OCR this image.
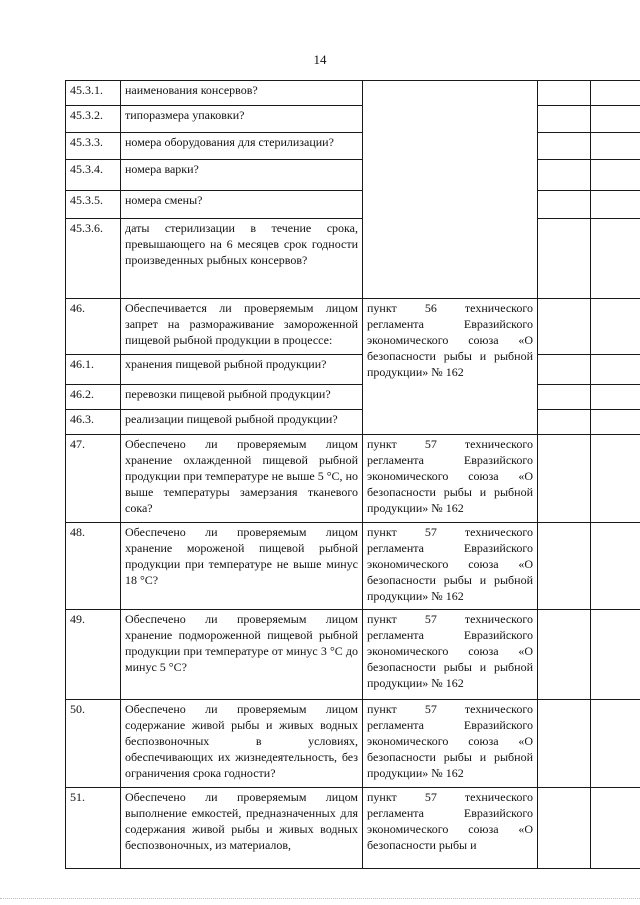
14
45.3.1.	наименования консервов?			
45.3.2.	типоразмера упаковки?			
45.3.3.	номера оборудования для стерилизации?			
45.3.4.	номера варки?			
45.3.5.	номера смены?			
45.3.6.	даты стерилизации в течение срока, превышающего на 6 месяцев срок годности произведенных рыбных консервов?			
46.	Обеспечивается ли проверяемым лицом запрет на размораживание замороженной пищевой рыбной продукции в процессе:	пункт 56 технического регламента Евразийского экономического союза «О безопасности рыбы и рыбной продукции» № 162		
46.1.	хранения пищевой рыбной продукции?			
46.2.	перевозки пищевой рыбной продукции?			
46.3.	реализации пищевой рыбной продукции?			
47.	Обеспечено ли проверяемым лицом хранение охлажденной пищевой рыбной продукции при температуре не выше 5 °C, но выше температуры замерзания тканевого сока?	пункт 57 технического регламента Евразийского экономического союза «О безопасности рыбы и рыбной продукции» № 162		
48.	Обеспечено ли проверяемым лицом хранение мороженой пищевой рыбной продукции при температуре не выше минус 18 °C?	пункт 57 технического регламента Евразийского экономического союза «О безопасности рыбы и рыбной продукции» № 162		
49.	Обеспечено ли проверяемым лицом хранение подмороженной пищевой рыбной продукции при температуре от минус 3 °C до минус 5 °C?	пункт 57 технического регламента Евразийского экономического союза «О безопасности рыбы и рыбной продукции» № 162		
50.	Обеспечено ли проверяемым лицом содержание живой рыбы и живых водных беспозвоночных в условиях, обеспечивающих их жизнедеятельность, без ограничения срока годности?	пункт 57 технического регламента Евразийского экономического союза «О безопасности рыбы и рыбной продукции» № 162		
51.	Обеспечено ли проверяемым лицом выполнение емкостей, предназначенных для содержания живой рыбы и живых водных беспозвоночных, из материалов,	пункт 57 технического регламента Евразийского экономического союза «О безопасности рыбы и		
